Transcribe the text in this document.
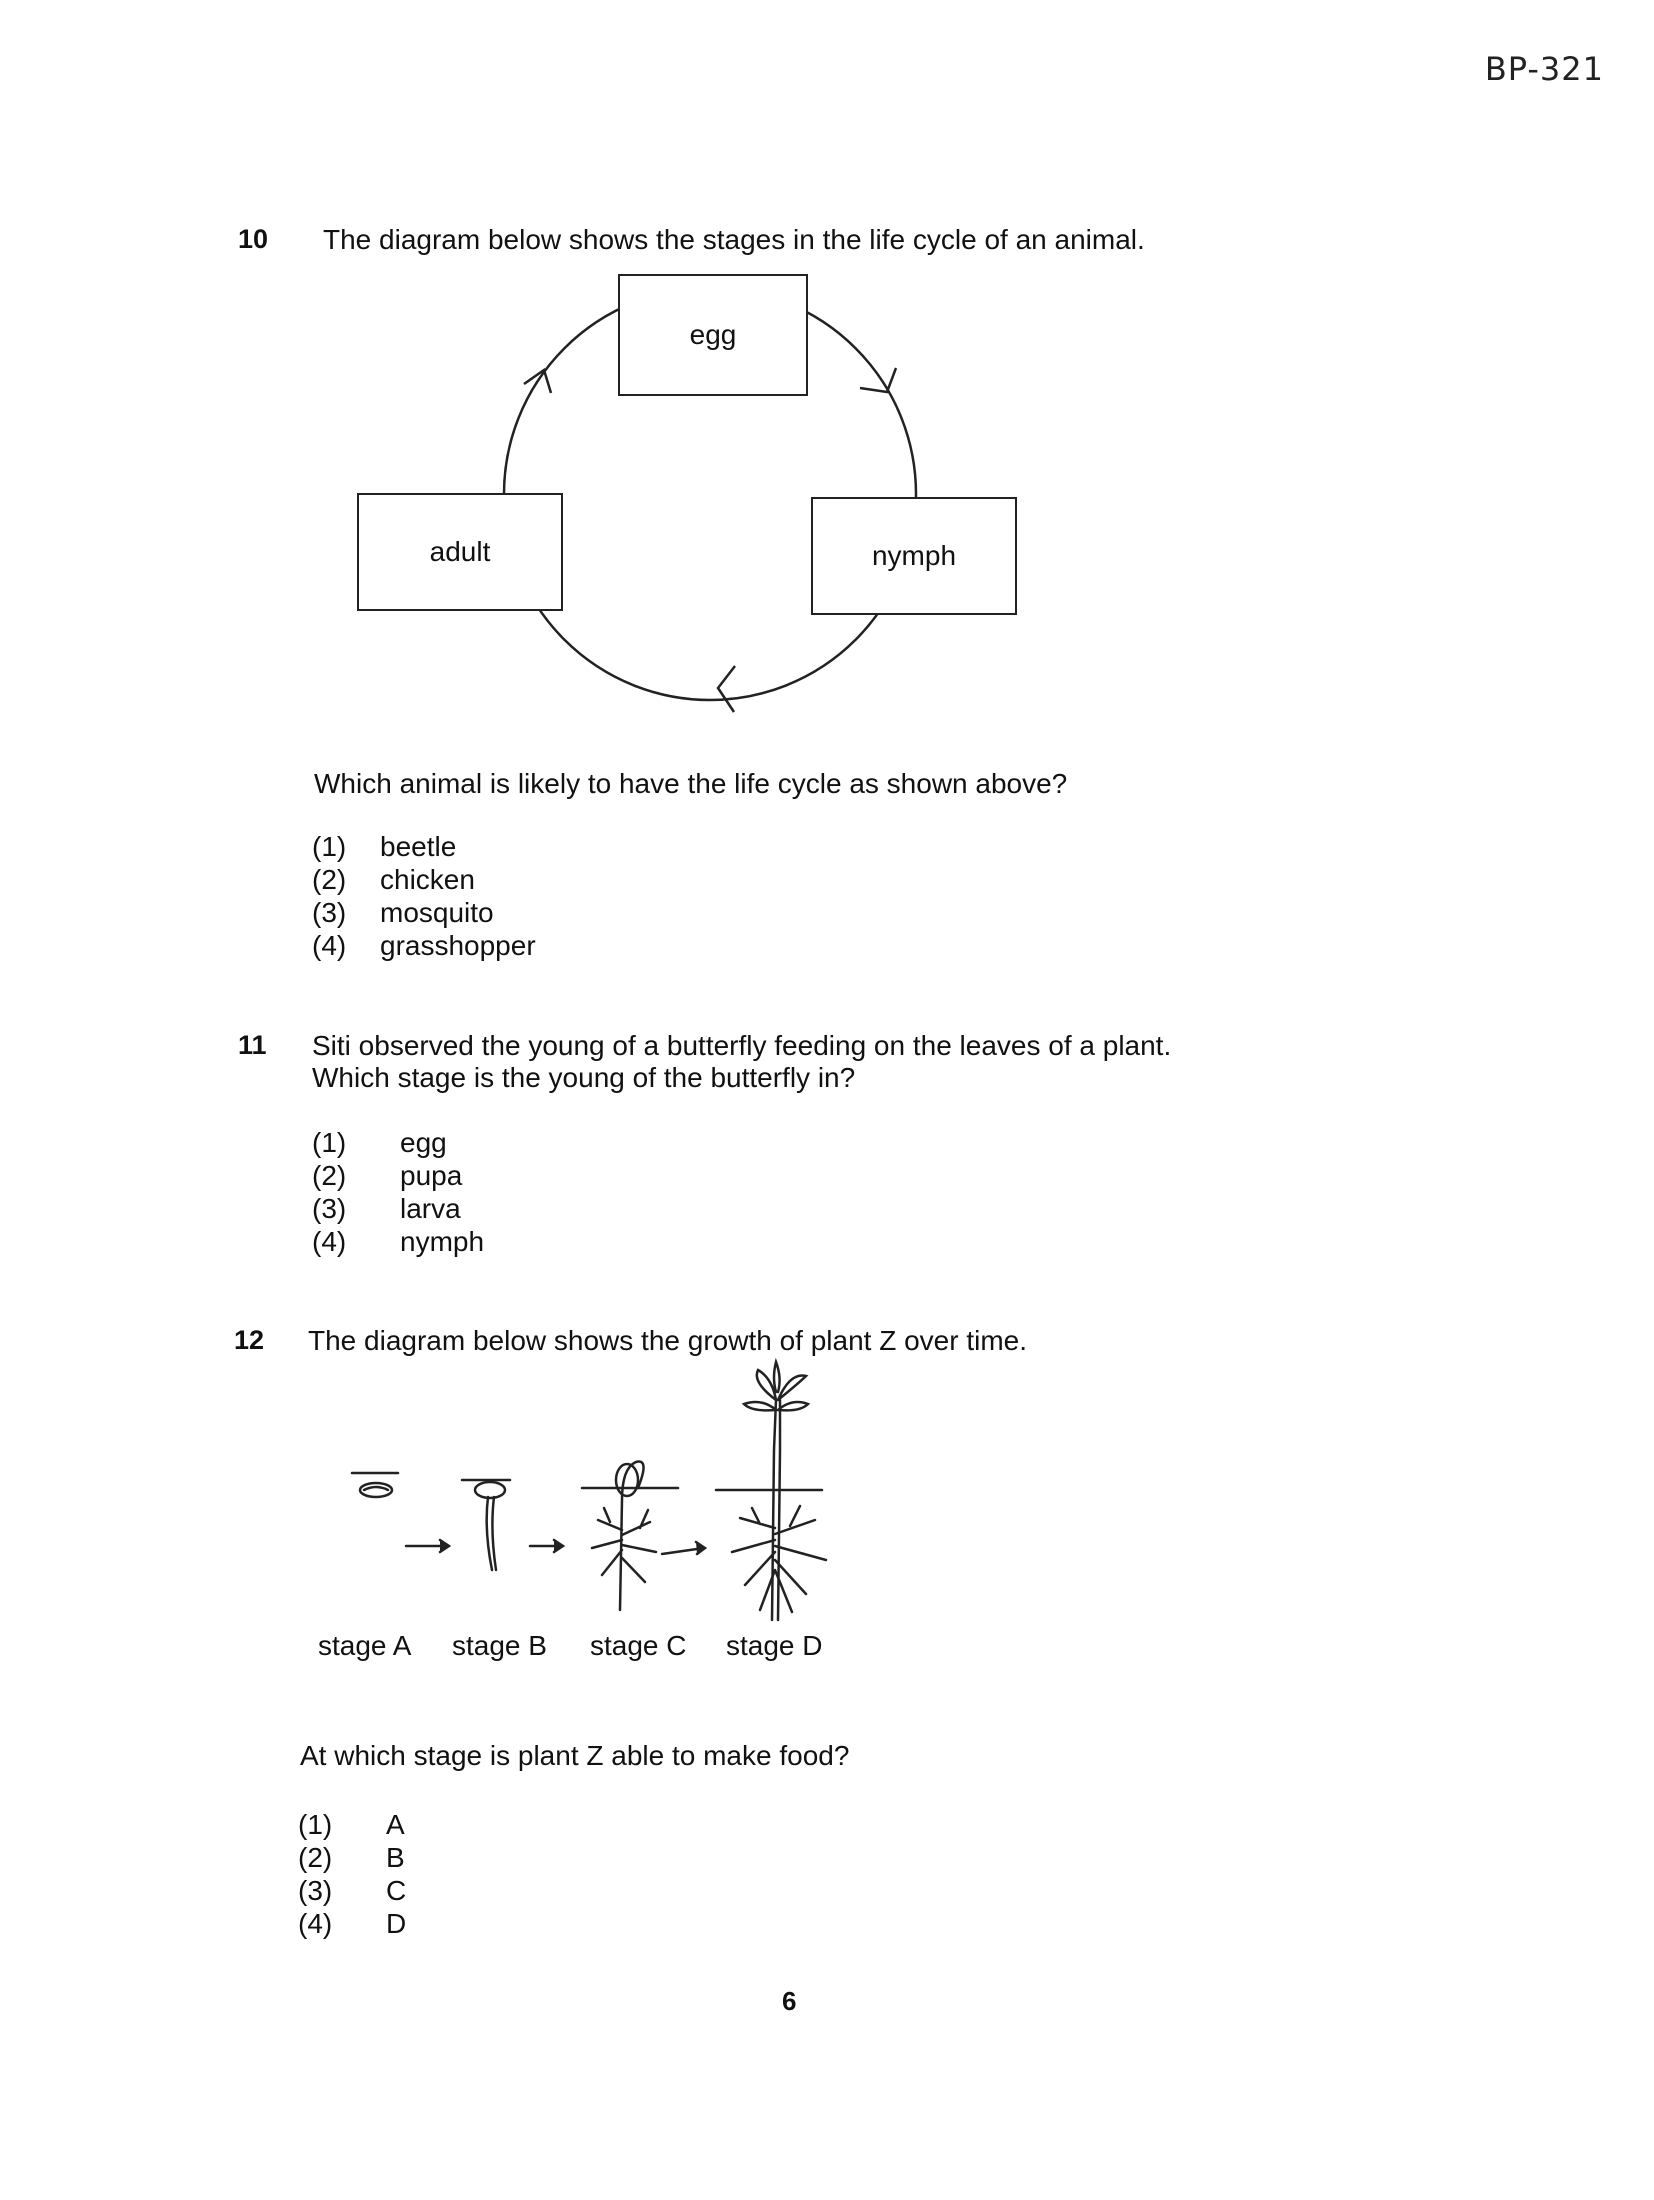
BP-321
10 The diagram below shows the stages in the life cycle of an animal.
egg
adult	nymph
Which animal is likely to have the life cycle as shown above?
(1) beetle
(2) chicken
(3) mosquito
(4) grasshopper
11 Siti observed the young of a butterfly feeding on the leaves of a plant.
Which stage is the young of the butterfly in?
(1) egg
(2) pupa
(3) larva
(4) nymph
12 The diagram below shows the growth of plant Z over time.
stage A stage B stage C stage D
At which stage is plant Z able to make food?
(1) A
(2) B
(3) C
(4) D
6
